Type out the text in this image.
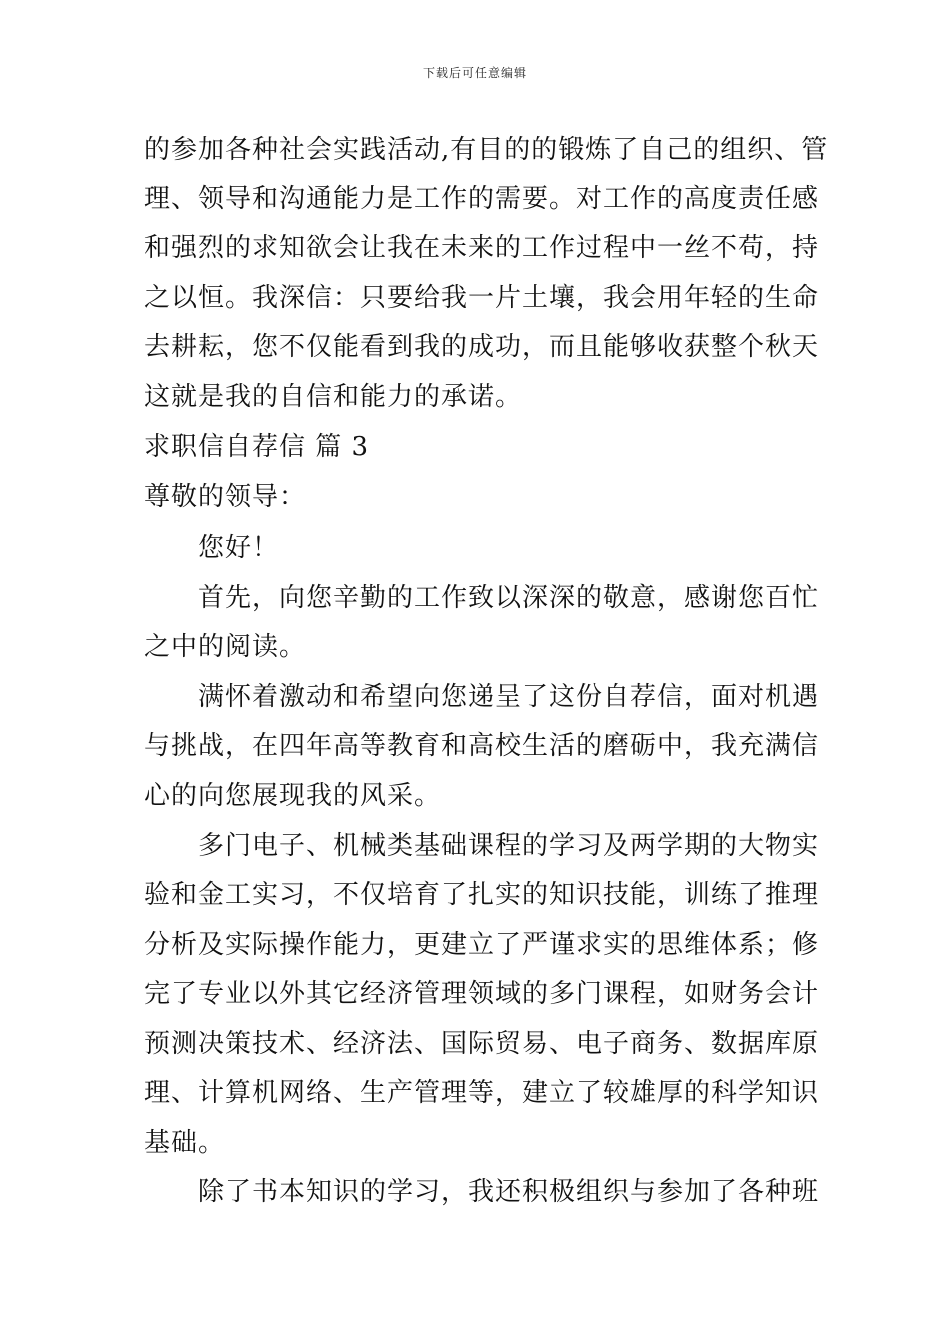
下载后可任意编辑
的参加各种社会实践活动,有目的的锻炼了自己的组织、管
理、领导和沟通能力是工作的需要。对工作的高度责任感
和强烈的求知欲会让我在未来的工作过程中一丝不苟，持
之以恒。我深信：只要给我一片土壤，我会用年轻的生命
去耕耘，您不仅能看到我的成功，而且能够收获整个秋天
这就是我的自信和能力的承诺。
求职信自荐信 篇 3
尊敬的领导：
您好！
首先，向您辛勤的工作致以深深的敬意，感谢您百忙
之中的阅读。
满怀着激动和希望向您递呈了这份自荐信，面对机遇
与挑战，在四年高等教育和高校生活的磨砺中，我充满信
心的向您展现我的风采。
多门电子、机械类基础课程的学习及两学期的大物实
验和金工实习，不仅培育了扎实的知识技能，训练了推理
分析及实际操作能力，更建立了严谨求实的思维体系；修
完了专业以外其它经济管理领域的多门课程，如财务会计
预测决策技术、经济法、国际贸易、电子商务、数据库原
理、计算机网络、生产管理等，建立了较雄厚的科学知识
基础。
除了书本知识的学习，我还积极组织与参加了各种班
